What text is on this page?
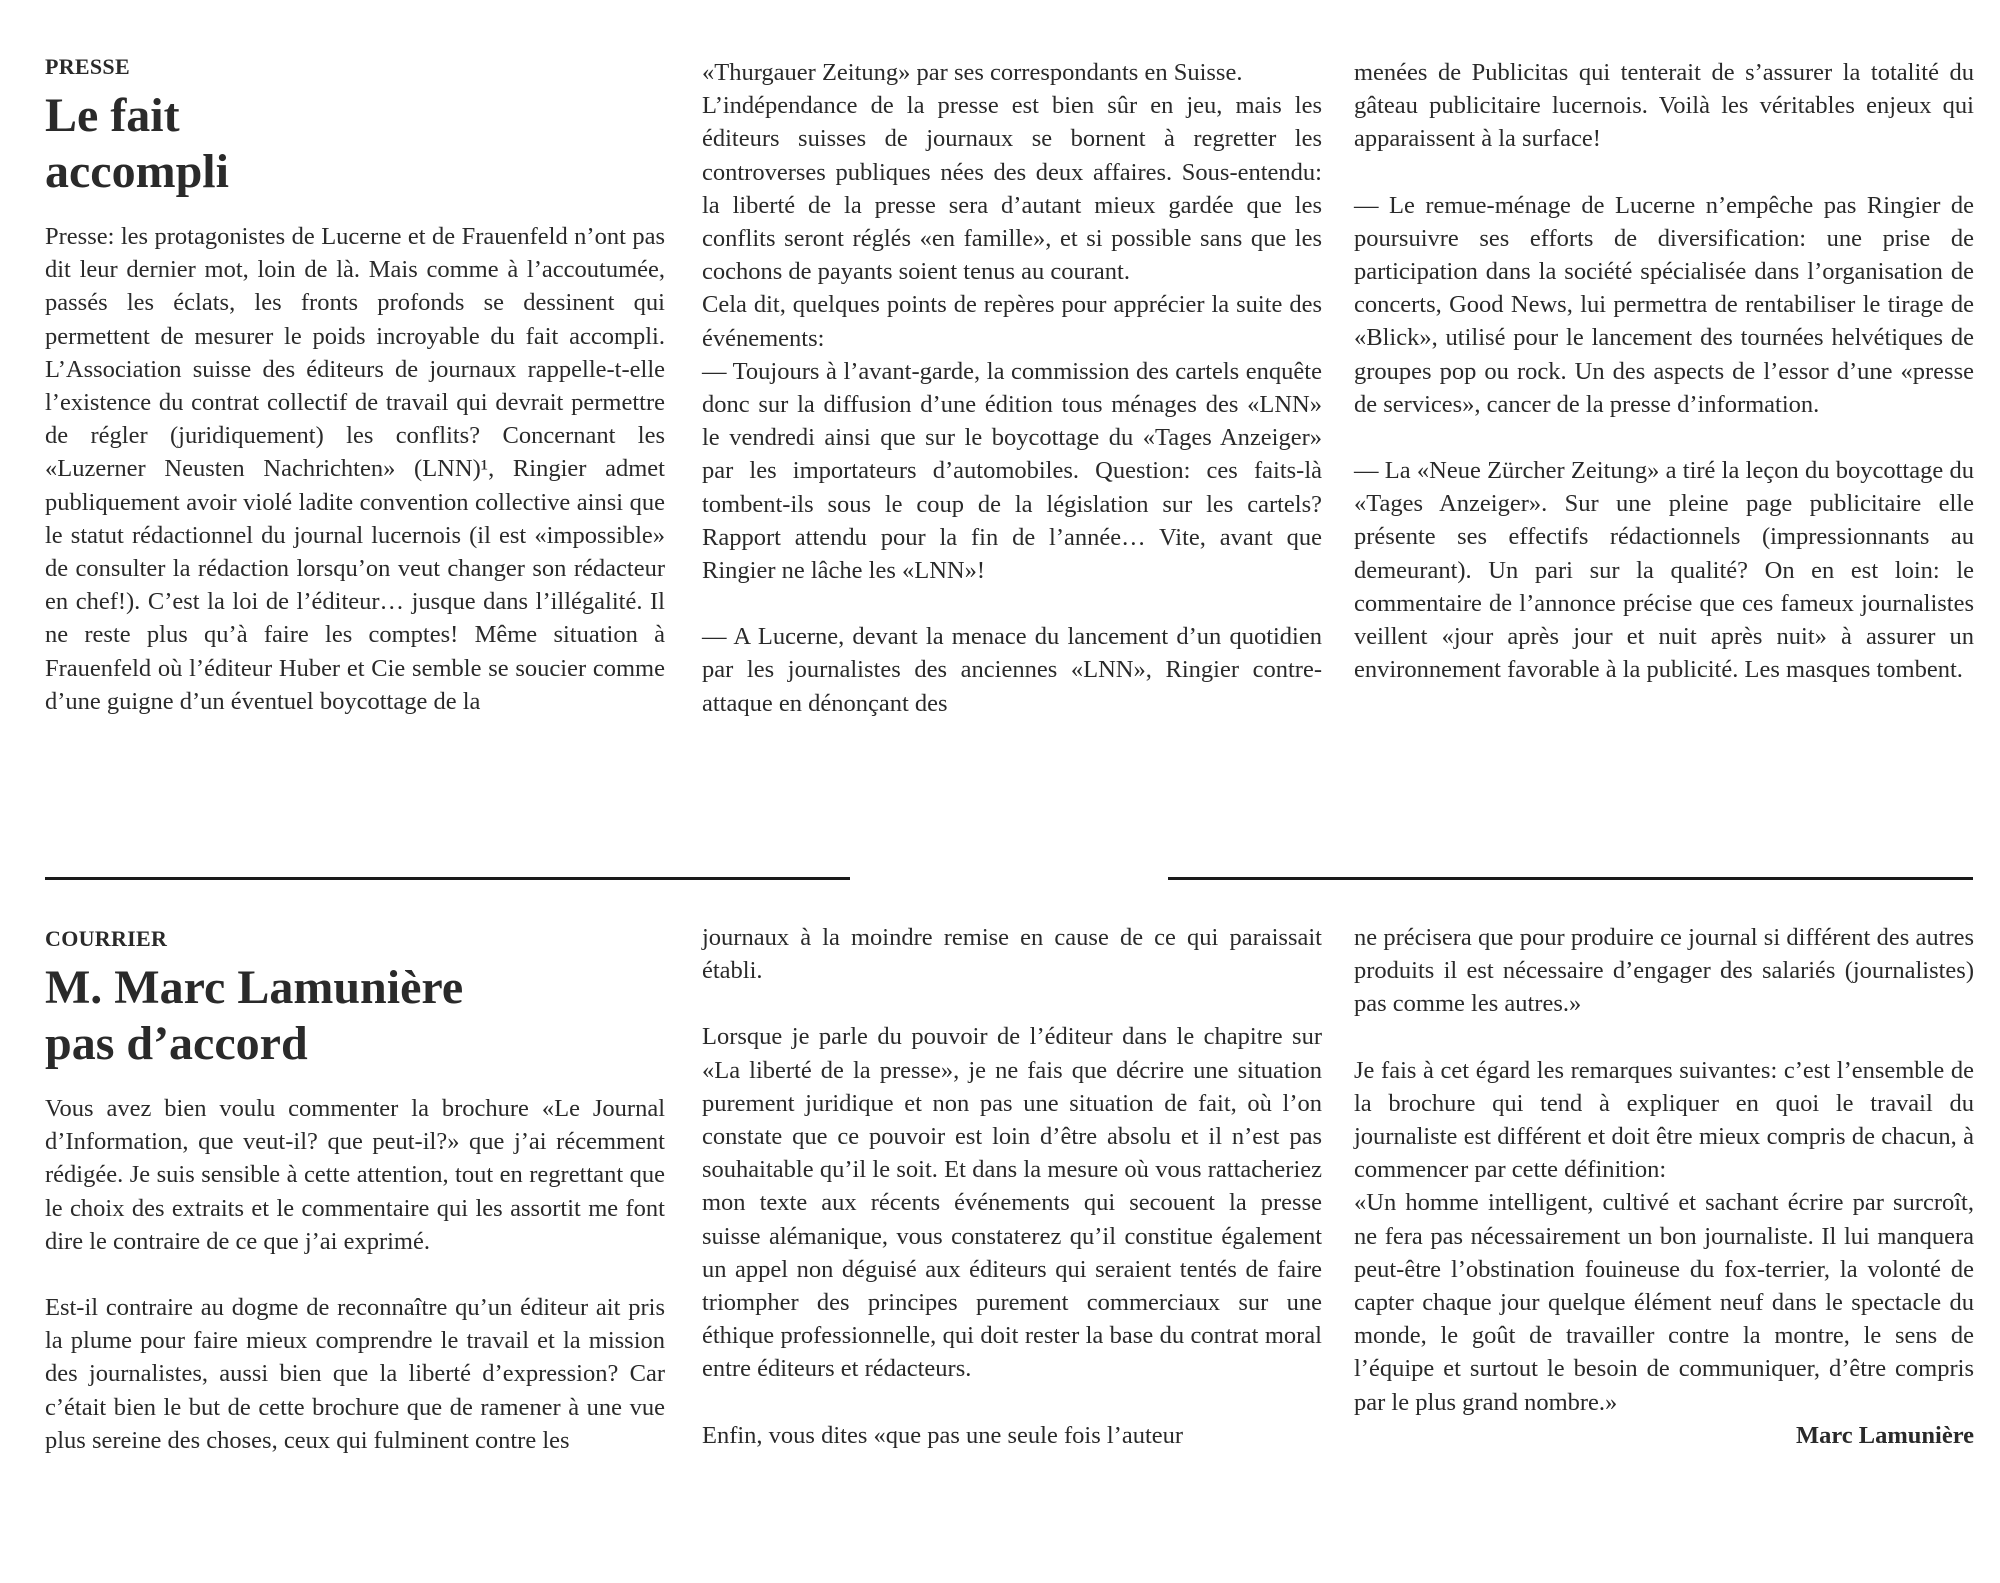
PRESSE
Le fait
accompli

Presse: les protagonistes de Lucerne et de Frauenfeld n’ont pas dit leur dernier mot, loin de là. Mais comme à l’accoutumée, passés les éclats, les fronts profonds se dessinent qui permettent de mesurer le poids incroyable du fait accompli. L’Association suisse des éditeurs de journaux rappelle-t-elle l’existence du contrat collectif de travail qui devrait permettre de régler (juridiquement) les conflits? Concernant les «Luzerner Neusten Nachrichten» (LNN)¹, Ringier admet publiquement avoir violé ladite convention collective ainsi que le statut rédactionnel du journal lucernois (il est «impossible» de consulter la rédaction lorsqu’on veut changer son rédacteur en chef!). C’est la loi de l’éditeur… jusque dans l’illégalité. Il ne reste plus qu’à faire les comptes! Même situation à Frauenfeld où l’éditeur Huber et Cie semble se soucier comme d’une guigne d’un éventuel boycottage de la

«Thurgauer Zeitung» par ses correspondants en Suisse.

L’indépendance de la presse est bien sûr en jeu, mais les éditeurs suisses de journaux se bornent à regretter les controverses publiques nées des deux affaires. Sous-entendu: la liberté de la presse sera d’autant mieux gardée que les conflits seront réglés «en famille», et si possible sans que les cochons de payants soient tenus au courant.

Cela dit, quelques points de repères pour apprécier la suite des événements:

— Toujours à l’avant-garde, la commission des cartels enquête donc sur la diffusion d’une édition tous ménages des «LNN» le vendredi ainsi que sur le boycottage du «Tages Anzeiger» par les importateurs d’automobiles. Question: ces faits-là tombent-ils sous le coup de la législation sur les cartels? Rapport attendu pour la fin de l’année… Vite, avant que Ringier ne lâche les «LNN»!

— A Lucerne, devant la menace du lancement d’un quotidien par les journalistes des anciennes «LNN», Ringier contre-attaque en dénonçant des

menées de Publicitas qui tenterait de s’assurer la totalité du gâteau publicitaire lucernois. Voilà les véritables enjeux qui apparaissent à la surface!

— Le remue-ménage de Lucerne n’empêche pas Ringier de poursuivre ses efforts de diversification: une prise de participation dans la société spécialisée dans l’organisation de concerts, Good News, lui permettra de rentabiliser le tirage de «Blick», utilisé pour le lancement des tournées helvétiques de groupes pop ou rock. Un des aspects de l’essor d’une «presse de services», cancer de la presse d’information.

— La «Neue Zürcher Zeitung» a tiré la leçon du boycottage du «Tages Anzeiger». Sur une pleine page publicitaire elle présente ses effectifs rédactionnels (impressionnants au demeurant). Un pari sur la qualité? On en est loin: le commentaire de l’annonce précise que ces fameux journalistes veillent «jour après jour et nuit après nuit» à assurer un environnement favorable à la publicité. Les masques tombent.

COURRIER
M. Marc Lamunière
pas d’accord

Vous avez bien voulu commenter la brochure «Le Journal d’Information, que veut-il? que peut-il?» que j’ai récemment rédigée. Je suis sensible à cette attention, tout en regrettant que le choix des extraits et le commentaire qui les assortit me font dire le contraire de ce que j’ai exprimé.

Est-il contraire au dogme de reconnaître qu’un éditeur ait pris la plume pour faire mieux comprendre le travail et la mission des journalistes, aussi bien que la liberté d’expression? Car c’était bien le but de cette brochure que de ramener à une vue plus sereine des choses, ceux qui fulminent contre les

journaux à la moindre remise en cause de ce qui paraissait établi.

Lorsque je parle du pouvoir de l’éditeur dans le chapitre sur «La liberté de la presse», je ne fais que décrire une situation purement juridique et non pas une situation de fait, où l’on constate que ce pouvoir est loin d’être absolu et il n’est pas souhaitable qu’il le soit. Et dans la mesure où vous rattacheriez mon texte aux récents événements qui secouent la presse suisse alémanique, vous constaterez qu’il constitue également un appel non déguisé aux éditeurs qui seraient tentés de faire triompher des principes purement commerciaux sur une éthique professionnelle, qui doit rester la base du contrat moral entre éditeurs et rédacteurs.

Enfin, vous dites «que pas une seule fois l’auteur

ne précisera que pour produire ce journal si différent des autres produits il est nécessaire d’engager des salariés (journalistes) pas comme les autres.»

Je fais à cet égard les remarques suivantes: c’est l’ensemble de la brochure qui tend à expliquer en quoi le travail du journaliste est différent et doit être mieux compris de chacun, à commencer par cette définition:

«Un homme intelligent, cultivé et sachant écrire par surcroît, ne fera pas nécessairement un bon journaliste. Il lui manquera peut-être l’obstination fouineuse du fox-terrier, la volonté de capter chaque jour quelque élément neuf dans le spectacle du monde, le goût de travailler contre la montre, le sens de l’équipe et surtout le besoin de communiquer, d’être compris par le plus grand nombre.»

Marc Lamunière
